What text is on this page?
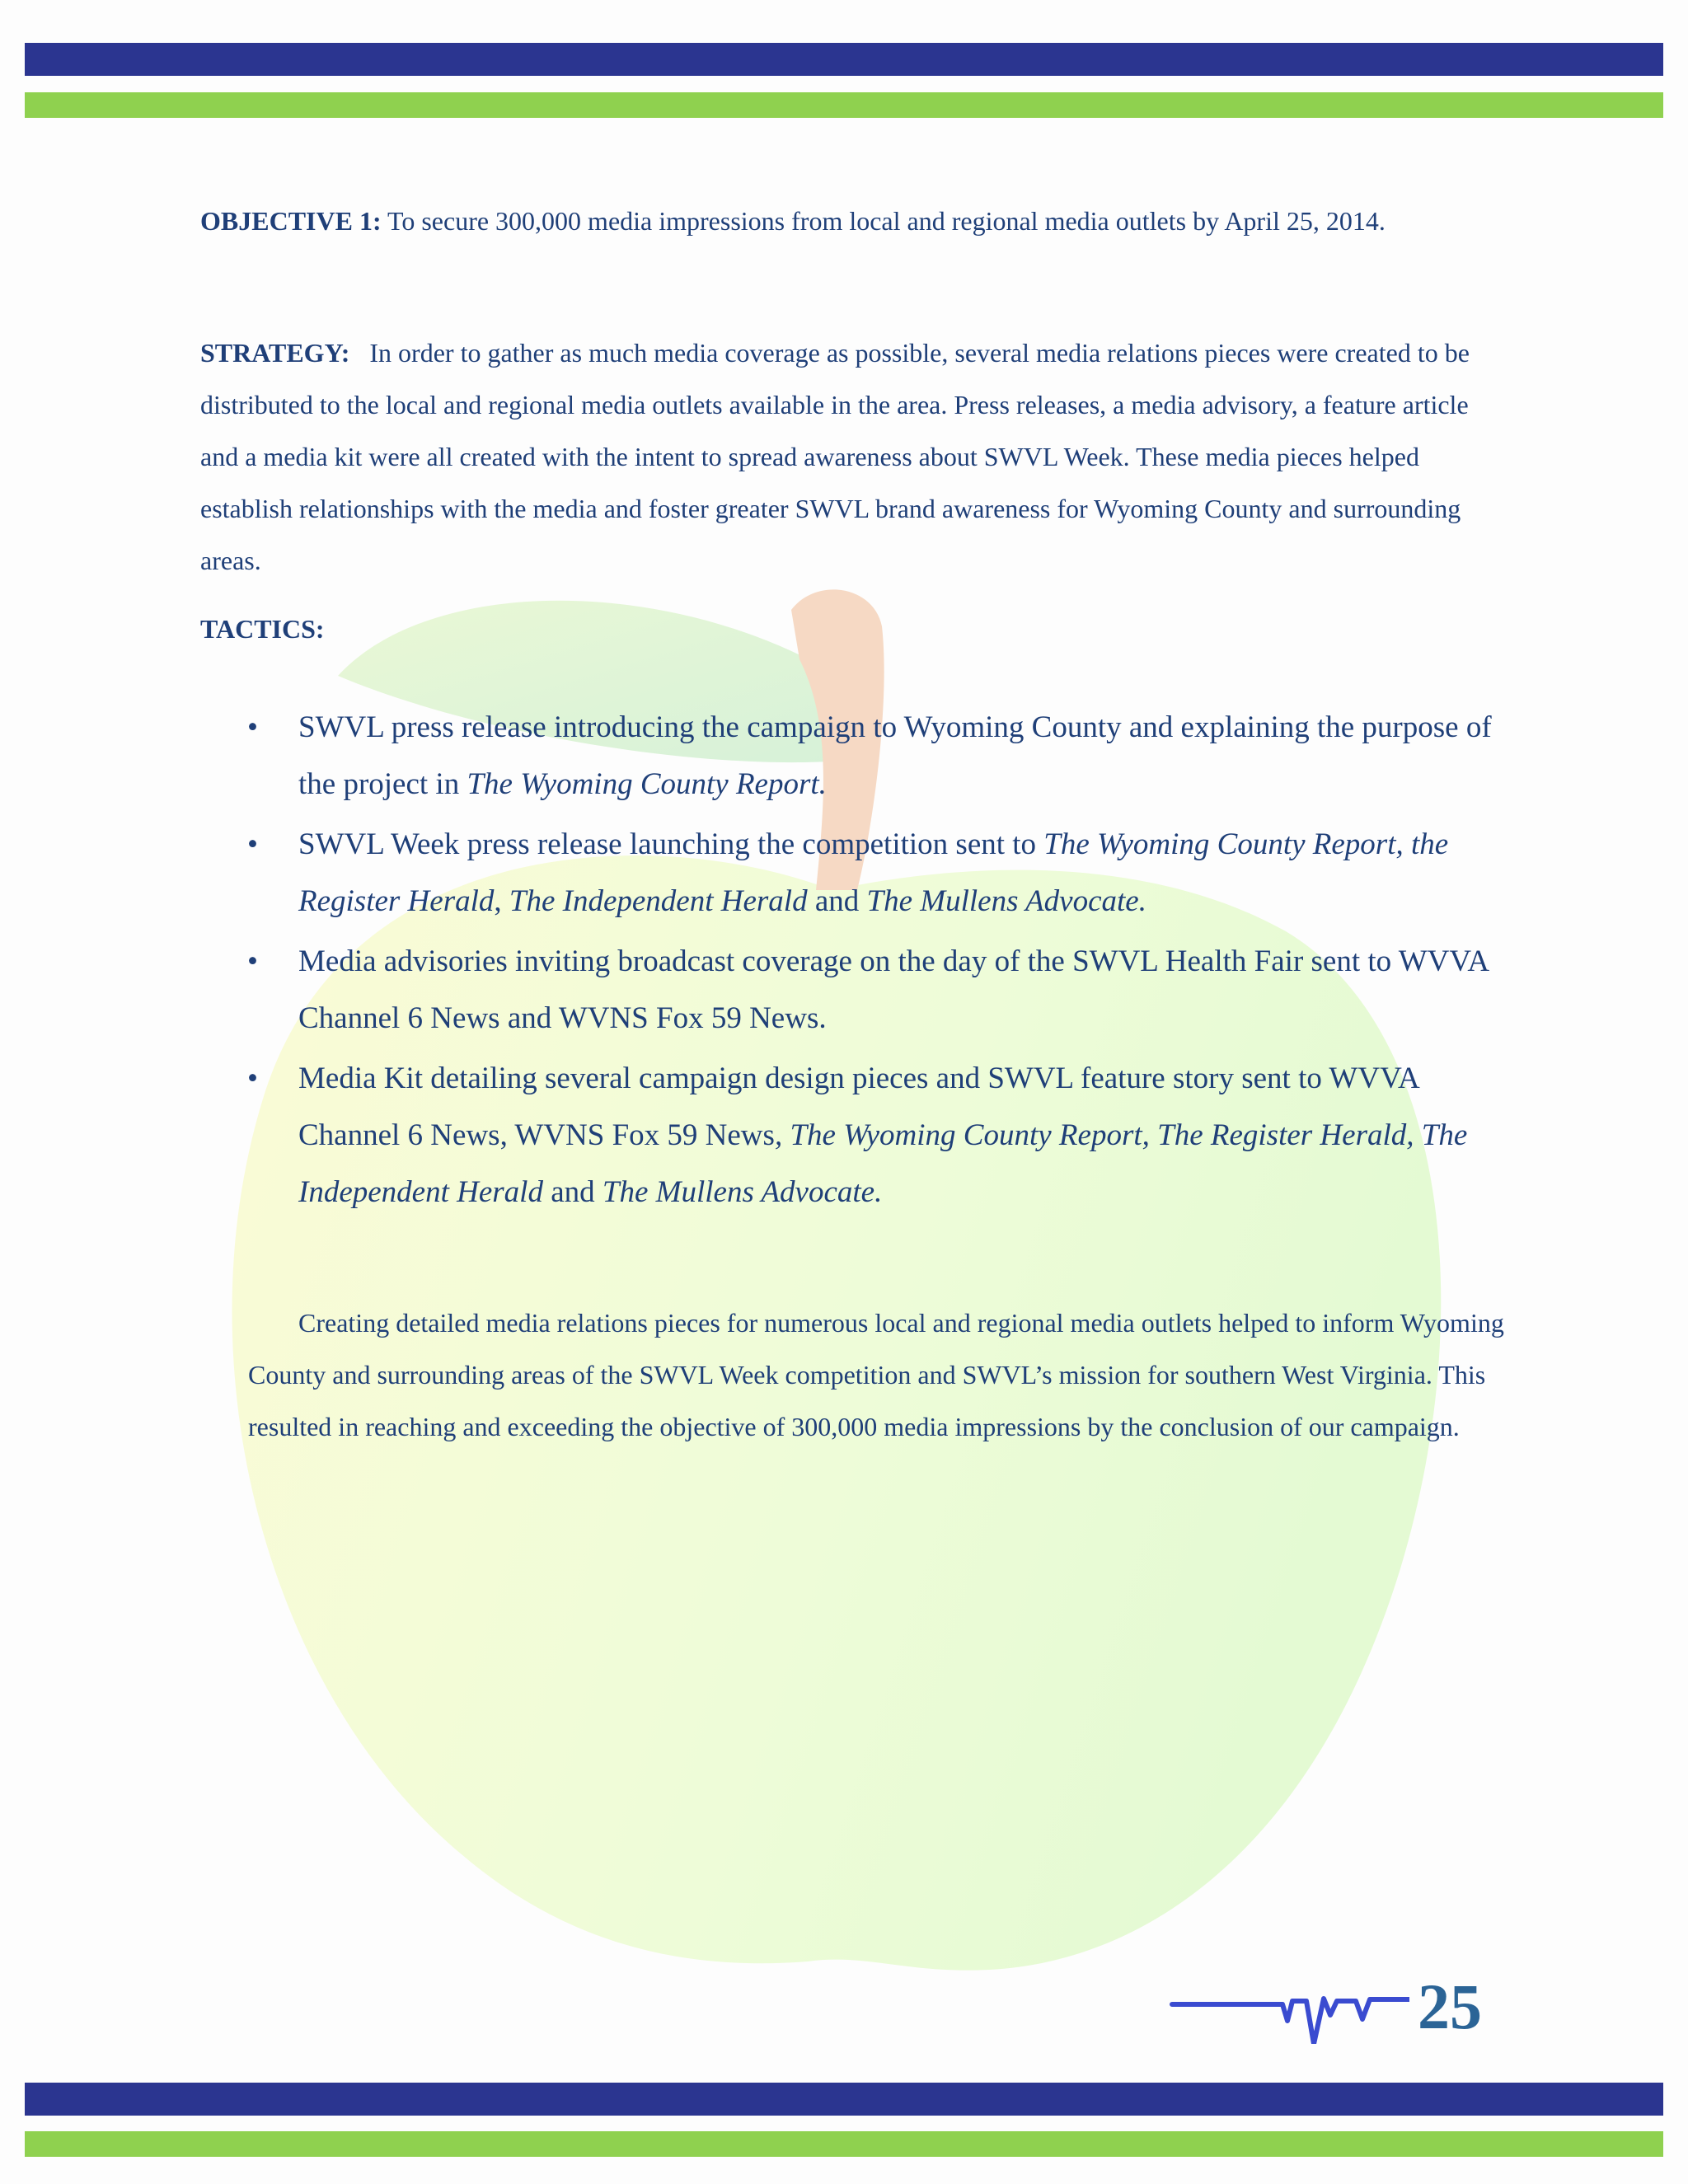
OBJECTIVE 1: To secure 300,000 media impressions from local and regional media outlets by April 25, 2014.
STRATEGY:   In order to gather as much media coverage as possible, several media relations pieces were created to be distributed to the local and regional media outlets available in the area. Press releases, a media advisory, a feature article and a media kit were all created with the intent to spread awareness about SWVL Week. These media pieces helped establish relationships with the media and foster greater SWVL brand awareness for Wyoming County and surrounding areas.
TACTICS:
• SWVL press release introducing the campaign to Wyoming County and explaining the purpose of the project in The Wyoming County Report.
• SWVL Week press release launching the competition sent to The Wyoming County Report, the Register Herald, The Independent Herald and The Mullens Advocate.
• Media advisories inviting broadcast coverage on the day of the SWVL Health Fair sent to WVVA Channel 6 News and WVNS Fox 59 News.
• Media Kit detailing several campaign design pieces and SWVL feature story sent to WVVA Channel 6 News, WVNS Fox 59 News, The Wyoming County Report, The Register Herald, The Independent Herald and The Mullens Advocate.
Creating detailed media relations pieces for numerous local and regional media outlets helped to inform Wyoming County and surrounding areas of the SWVL Week competition and SWVL’s mission for southern West Virginia. This resulted in reaching and exceeding the objective of 300,000 media impressions by the conclusion of our campaign.
25
